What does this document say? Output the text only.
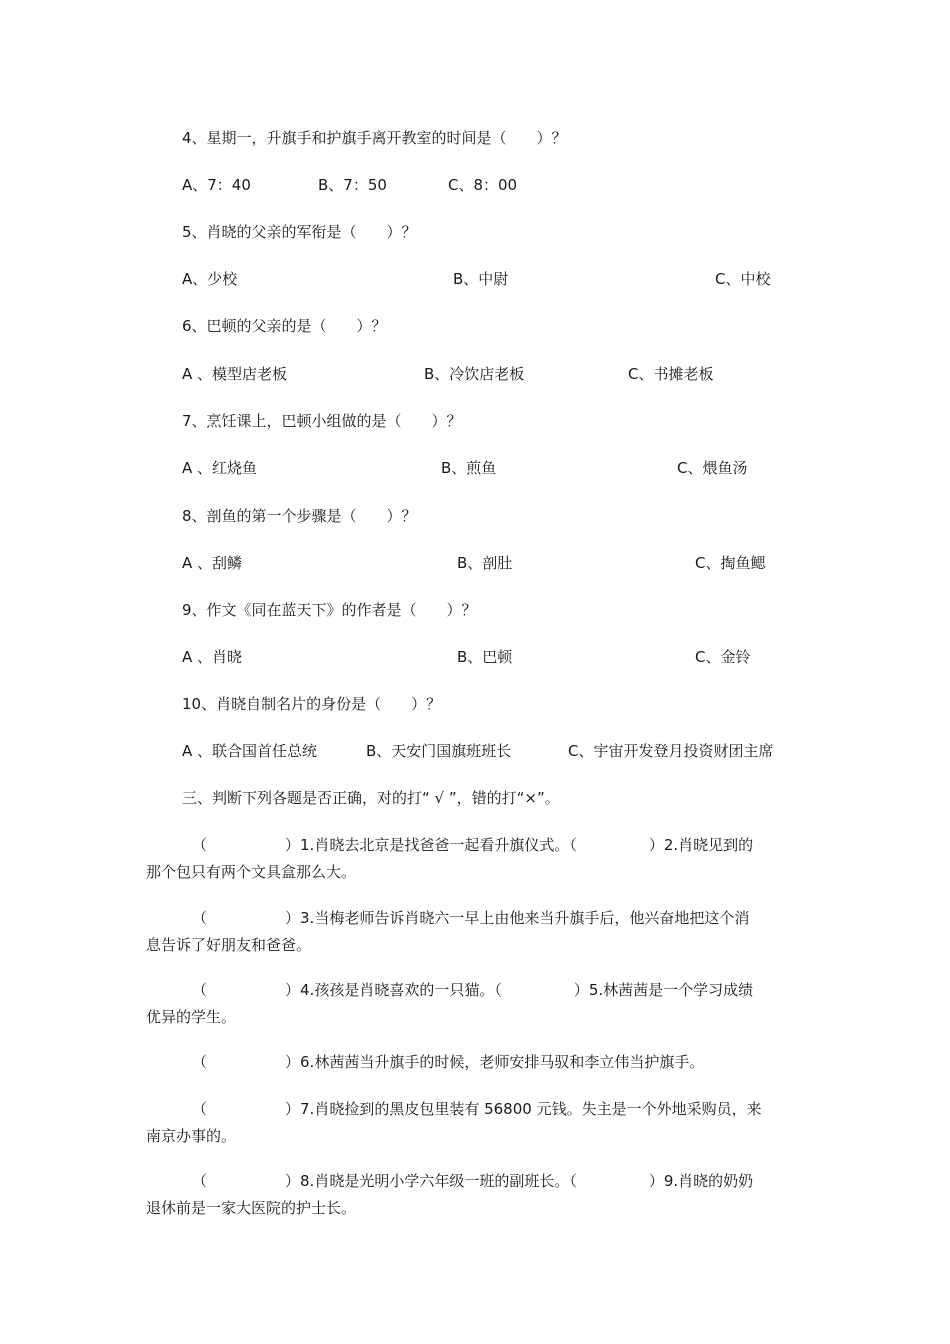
4、星期一，升旗手和护旗手离开教室的时间是（　　）？
A、7：40	B、7：50	C、8：00
5、肖晓的父亲的军衔是（　　）？
A、少校	B、中尉	C、中校
6、巴顿的父亲的是（　　）？
A 、模型店老板	B、冷饮店老板	C、书摊老板
7、烹饪课上，巴顿小组做的是（　　）？
A 、红烧鱼	B、煎鱼	C、煨鱼汤
8、剖鱼的第一个步骤是（　　）？
A 、刮鳞	B、剖肚	C、掏鱼鳃
9、作文《同在蓝天下》的作者是（　　）？
A 、肖晓	B、巴顿	C、金铃
10、肖晓自制名片的身份是（　　）？
A 、联合国首任总统	B、天安门国旗班班长	C、宇宙开发登月投资财团主席
三、判断下列各题是否正确，对的打“ √ ”，错的打“×”。
（	）1.肖晓去北京是找爸爸一起看升旗仪式。（	）2.肖晓见到的
那个包只有两个文具盒那么大。
（	）3.当梅老师告诉肖晓六一早上由他来当升旗手后，他兴奋地把这个消
息告诉了好朋友和爸爸。
（	）4.孩孩是肖晓喜欢的一只猫。（	）5.林茜茜是一个学习成绩
优异的学生。
（	）6.林茜茜当升旗手的时候，老师安排马驭和李立伟当护旗手。
（	）7.肖晓捡到的黑皮包里装有 56800 元钱。失主是一个外地采购员，来
南京办事的。
（	）8.肖晓是光明小学六年级一班的副班长。（	）9.肖晓的奶奶
退休前是一家大医院的护士长。
